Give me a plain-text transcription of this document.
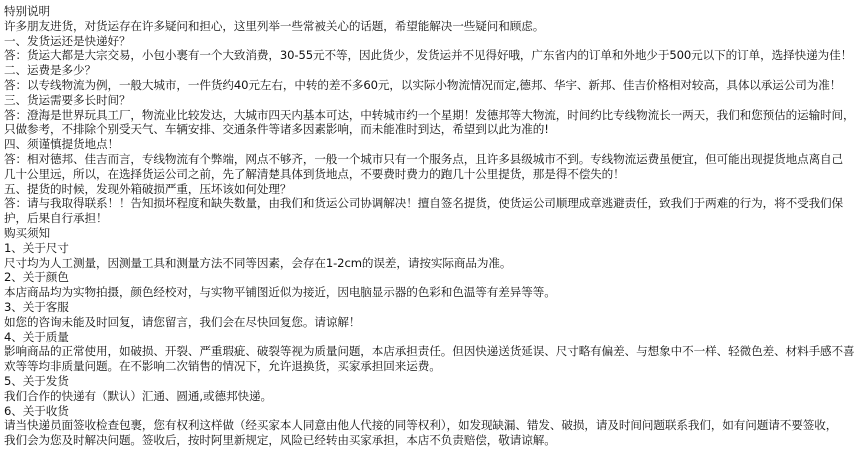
特别说明
许多朋友进货，对货运存在许多疑问和担心，这里列举一些常被关心的话题，希望能解决一些疑问和顾虑。
一、发货运还是快递好？
答：货运大都是大宗交易，小包小裹有一个大致消费，30-55元不等，因此货少，发货运并不见得好哦，广东省内的订单和外地少于500元以下的订单，选择快递为佳！
二、运费是多少？
答：以专线物流为例，一般大城市，一件货约40元左右，中转的差不多60元，以实际小物流情况而定,德邦、华宇、新邦、佳吉价格相对较高，具体以承运公司为准！
三、货运需要多长时间？
答：澄海是世界玩具工厂，物流业比较发达，大城市四天内基本可达，中转城市约一个星期！发德邦等大物流，时间约比专线物流长一两天，我们和您预估的运输时间，
只做参考，不排除个别受天气、车辆安排、交通条件等诸多因素影响，而未能准时到达，希望到以此为准的!
四、须谨慎提货地点！
答：相对德邦、佳吉而言，专线物流有个弊端，网点不够齐，一般一个城市只有一个服务点，且许多县级城市不到。专线物流运费虽便宜，但可能出现提货地点离自己
几十公里远，所以，在选择货运公司之前，先了解清楚具体到货地点，不要费时费力的跑几十公里提货，那是得不偿失的！
五、提货的时候，发现外箱破损严重，压坏该如何处理？
答：请与我取得联系！！告知损坏程度和缺失数量，由我们和货运公司协调解决！擅自签名提货，使货运公司顺理成章逃避责任，致我们于两难的行为，将不受我们保
护，后果自行承担！
购买须知
1、关于尺寸
尺寸均为人工测量，因测量工具和测量方法不同等因素，会存在1-2cm的误差，请按实际商品为准。
2、关于颜色
本店商品均为实物拍摄，颜色经校对，与实物平铺图近似为接近，因电脑显示器的色彩和色温等有差异等等。
3、关于客服
如您的咨询未能及时回复，请您留言，我们会在尽快回复您。请谅解！
4、关于质量
影响商品的正常使用，如破损、开裂、严重瑕疵、破裂等视为质量问题，本店承担责任。但因快递送货延误、尺寸略有偏差、与想象中不一样、轻微色差、材料手感不喜
欢等等均非质量问题。在不影响二次销售的情况下，允许退换货，买家承担回来运费。
5、关于发货
我们合作的快递有（默认）汇通、圆通,或德邦快递。
6、关于收货
请当快递员面签收检查包裹，您有权利这样做（经买家本人同意由他人代接的同等权利），如发现缺漏、错发、破损，请及时间问题联系我们，如有问题请不要签收，
我们会为您及时解决问题。签收后，按时阿里新规定，风险已经转由买家承担，本店不负责赔偿，敬请谅解。
